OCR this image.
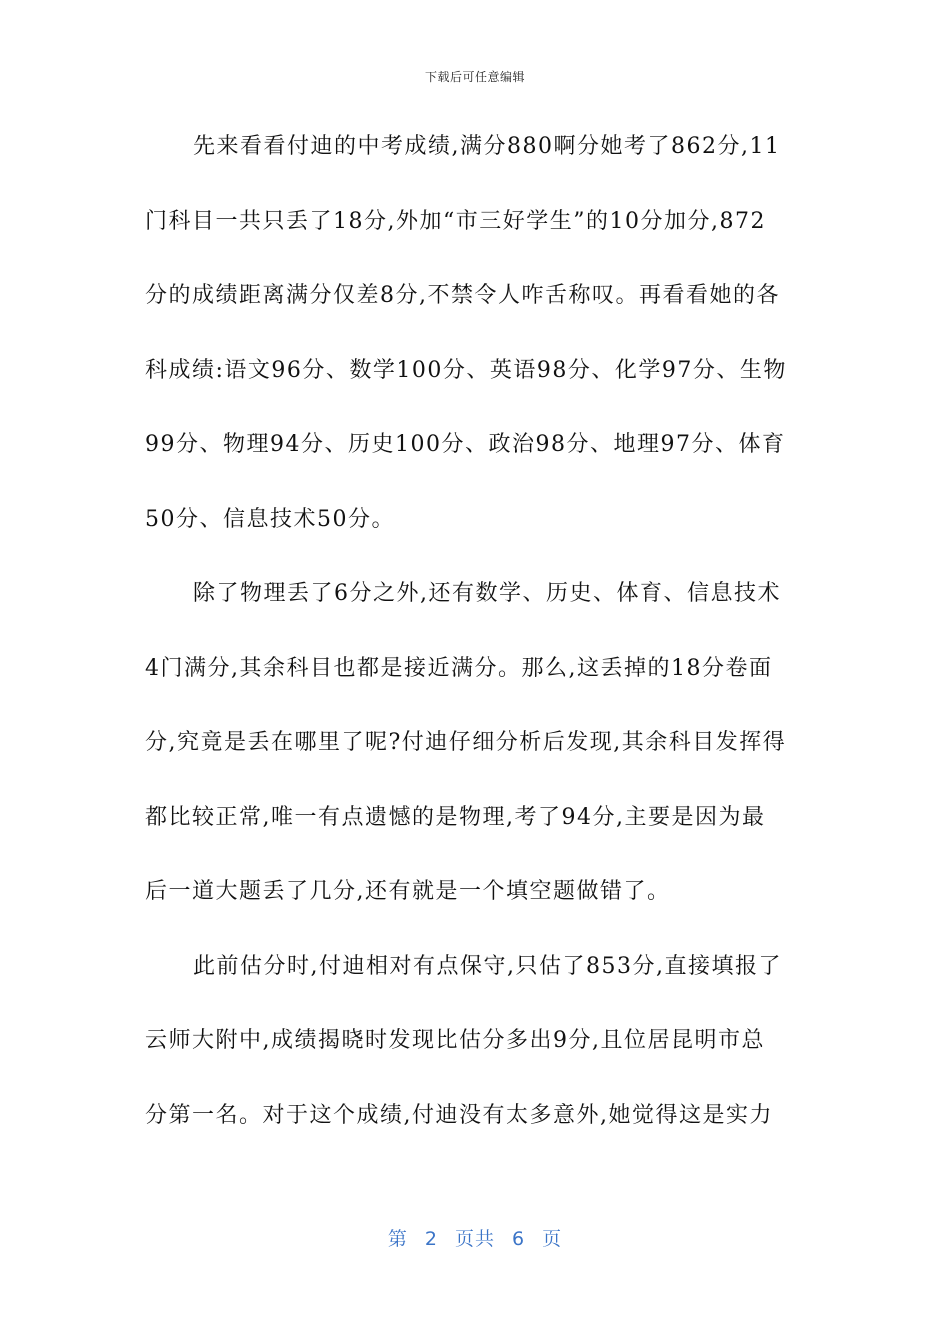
下载后可任意编辑
先来看看付迪的中考成绩,满分880啊分她考了862分,11
门科目一共只丢了18分,外加“市三好学生”的10分加分,872
分的成绩距离满分仅差8分,不禁令人咋舌称叹。再看看她的各
科成绩:语文96分、数学100分、英语98分、化学97分、生物
99分、物理94分、历史100分、政治98分、地理97分、体育
50分、信息技术50分。
除了物理丢了6分之外,还有数学、历史、体育、信息技术
4门满分,其余科目也都是接近满分。那么,这丢掉的18分卷面
分,究竟是丢在哪里了呢?付迪仔细分析后发现,其余科目发挥得
都比较正常,唯一有点遗憾的是物理,考了94分,主要是因为最
后一道大题丢了几分,还有就是一个填空题做错了。
此前估分时,付迪相对有点保守,只估了853分,直接填报了
云师大附中,成绩揭晓时发现比估分多出9分,且位居昆明市总
分第一名。对于这个成绩,付迪没有太多意外,她觉得这是实力
第 2 页共 6 页
